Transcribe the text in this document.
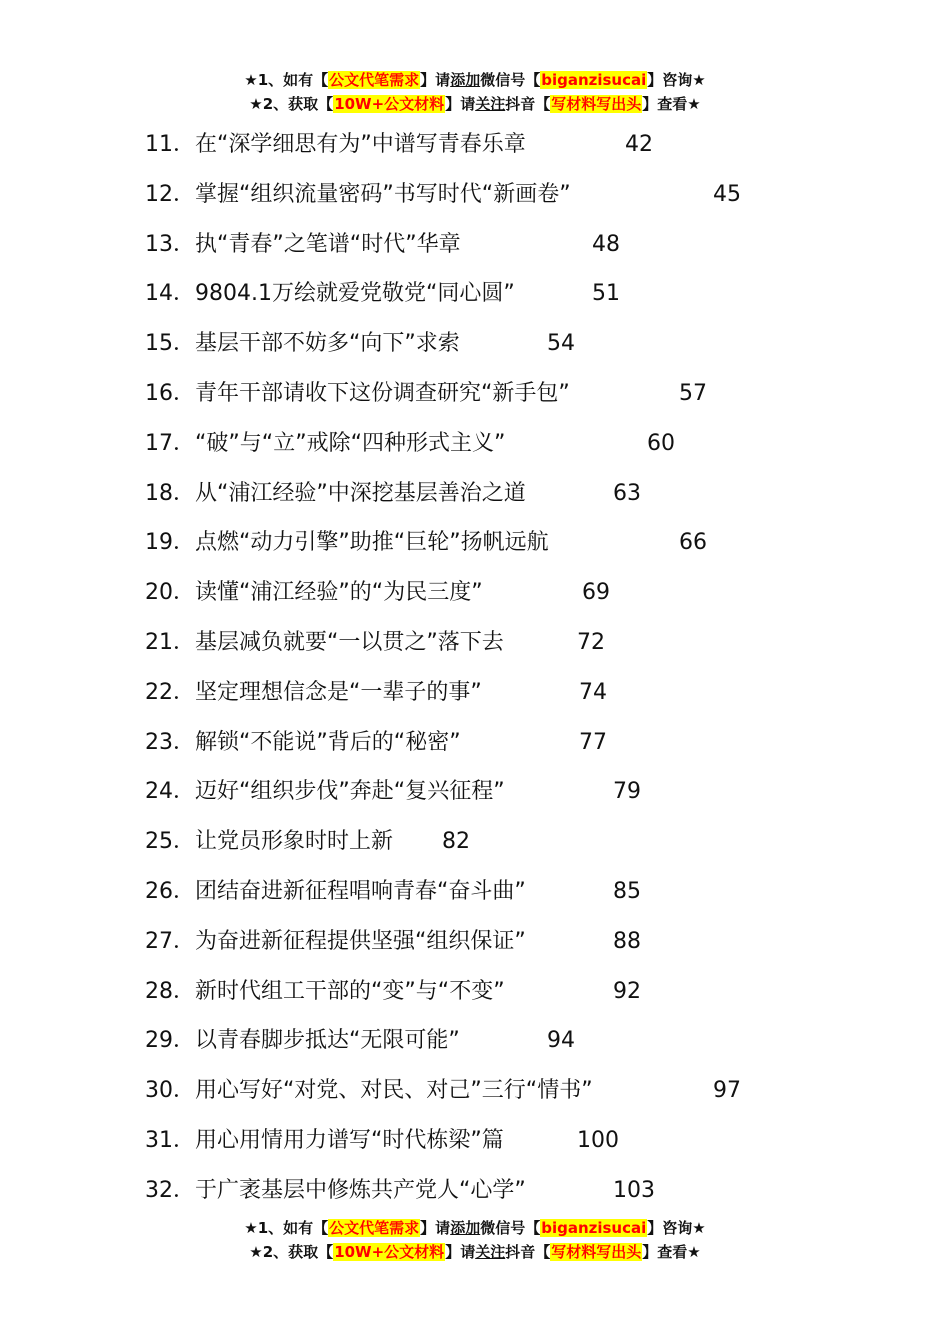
★1、如有【公文代笔需求】请添加微信号【biganzisucai】咨询★
★2、获取【10W+公文材料】请关注抖音【写材料写出头】查看★
11．在“深学细思有为”中谱写青春乐章	42
12．掌握“组织流量密码”书写时代“新画卷”	45
13．执“青春”之笔谱“时代”华章	48
14．9804.1万绘就爱党敬党“同心圆”	51
15．基层干部不妨多“向下”求索	54
16．青年干部请收下这份调查研究“新手包”	57
17．“破”与“立”戒除“四种形式主义”	60
18．从“浦江经验”中深挖基层善治之道	63
19．点燃“动力引擎”助推“巨轮”扬帆远航	66
20．读懂“浦江经验”的“为民三度”	69
21．基层减负就要“一以贯之”落下去	72
22．坚定理想信念是“一辈子的事”	74
23．解锁“不能说”背后的“秘密”	77
24．迈好“组织步伐”奔赴“复兴征程”	79
25．让党员形象时时上新 82
26．团结奋进新征程唱响青春“奋斗曲”	85
27．为奋进新征程提供坚强“组织保证”	88
28．新时代组工干部的“变”与“不变”	92
29．以青春脚步抵达“无限可能”	94
30．用心写好“对党、对民、对己”三行“情书”	97
31．用心用情用力谱写“时代栋梁”篇	100
32．于广袤基层中修炼共产党人“心学”	103
★1、如有【公文代笔需求】请添加微信号【biganzisucai】咨询★
★2、获取【10W+公文材料】请关注抖音【写材料写出头】查看★
